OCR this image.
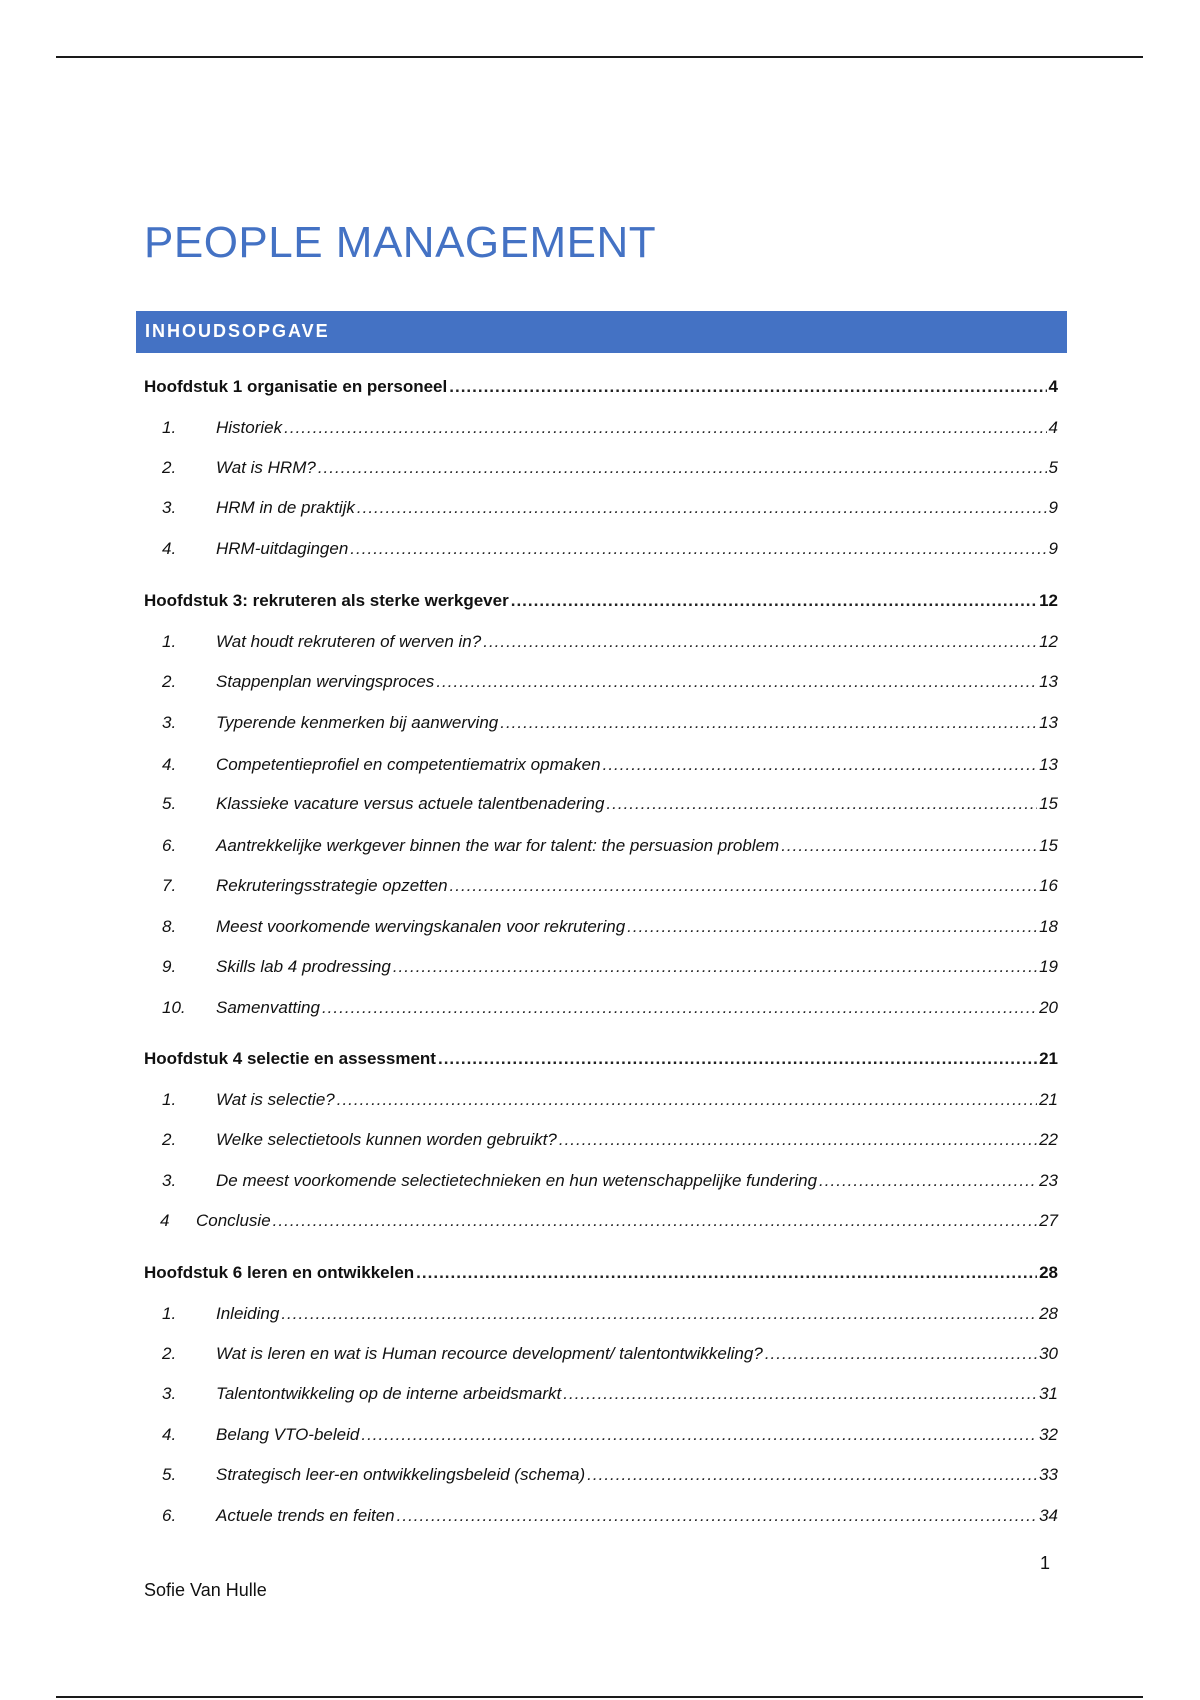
PEOPLE MANAGEMENT
INHOUDSOPGAVE
Hoofdstuk 1 organisatie en personeel .....	4
1.	Historiek .....	4
2.	Wat is HRM? .....	5
3.	HRM in de praktijk .....	9
4.	HRM-uitdagingen .....	9
Hoofdstuk 3: rekruteren als sterke werkgever .....	12
1.	Wat houdt rekruteren of werven in? .....	12
2.	Stappenplan wervingsproces .....	13
3.	Typerende kenmerken bij aanwerving .....	13
4.	Competentieprofiel en competentiematrix opmaken .....	13
5.	Klassieke vacature versus actuele talentbenadering .....	15
6.	Aantrekkelijke werkgever binnen the war for talent: the persuasion problem .....	15
7.	Rekruteringsstrategie opzetten .....	16
8.	Meest voorkomende wervingskanalen voor rekrutering .....	18
9.	Skills lab 4 prodressing .....	19
10.	Samenvatting .....	20
Hoofdstuk 4 selectie en assessment .....	21
1.	Wat is selectie? .....	21
2.	Welke selectietools kunnen worden gebruikt? .....	22
3.	De meest voorkomende selectietechnieken en hun wetenschappelijke fundering .....	23
4	Conclusie .....	27
Hoofdstuk 6 leren en ontwikkelen .....	28
1.	Inleiding .....	28
2.	Wat is leren en wat is Human recource development/ talentontwikkeling? .....	30
3.	Talentontwikkeling op de interne arbeidsmarkt .....	31
4.	Belang VTO-beleid .....	32
5.	Strategisch leer-en ontwikkelingsbeleid (schema) .....	33
6.	Actuele trends en feiten .....	34
1
Sofie Van Hulle
